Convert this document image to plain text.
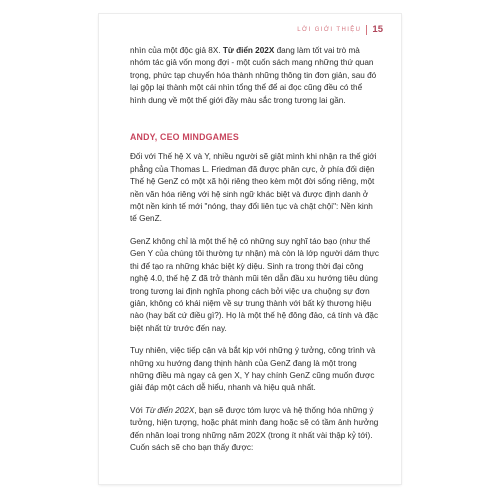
LỜI GIỚI THIỆU 15

nhìn của một độc giả 8X. Từ điển 202X đang làm tốt vai trò mà nhóm tác giả vốn mong đợi - một cuốn sách mang những thứ quan trọng, phức tạp chuyển hóa thành những thông tin đơn giản, sau đó lại gộp lại thành một cái nhìn tổng thể để ai đọc cũng đều có thể hình dung về một thế giới đầy màu sắc trong tương lai gần.

ANDY, CEO MINDGAMES

Đối với Thế hệ X và Y, nhiều người sẽ giật mình khi nhận ra thế giới phẳng của Thomas L. Friedman đã được phân cực, ở phía đối diện Thế hệ GenZ có một xã hội riêng theo kèm một đời sống riêng, một nền văn hóa riêng với hệ sinh ngữ khác biệt và được định danh ở một nền kinh tế mới "nóng, thay đổi liên tục và chật chội": Nền kinh tế GenZ.

GenZ không chỉ là một thế hệ có những suy nghĩ táo bạo (như thế Gen Y của chúng tôi thường tự nhận) mà còn là lớp người dám thực thi để tạo ra những khác biệt kỳ diệu. Sinh ra trong thời đại công nghệ 4.0, thế hệ Z đã trở thành mũi tên dẫn đầu xu hướng tiêu dùng trong tương lai định nghĩa phong cách bởi việc ưa chuộng sự đơn giản, không có khái niệm về sự trung thành với bất kỳ thương hiệu nào (hay bất cứ điều gì?). Họ là một thế hệ đông đảo, cá tính và đặc biệt nhất từ trước đến nay.

Tuy nhiên, việc tiếp cận và bắt kịp với những ý tưởng, công trình và những xu hướng đang thịnh hành của GenZ đang là một trong những điều mà ngay cả gen X, Y hay chính GenZ cũng muốn được giải đáp một cách dễ hiểu, nhanh và hiệu quả nhất.

Với Từ điển 202X, bạn sẽ được tóm lược và hệ thống hóa những ý tưởng, hiện tượng, hoặc phát minh đang hoặc sẽ có tầm ảnh hưởng đến nhân loại trong những năm 202X (trong ít nhất vài thập kỷ tới). Cuốn sách sẽ cho bạn thấy được:
